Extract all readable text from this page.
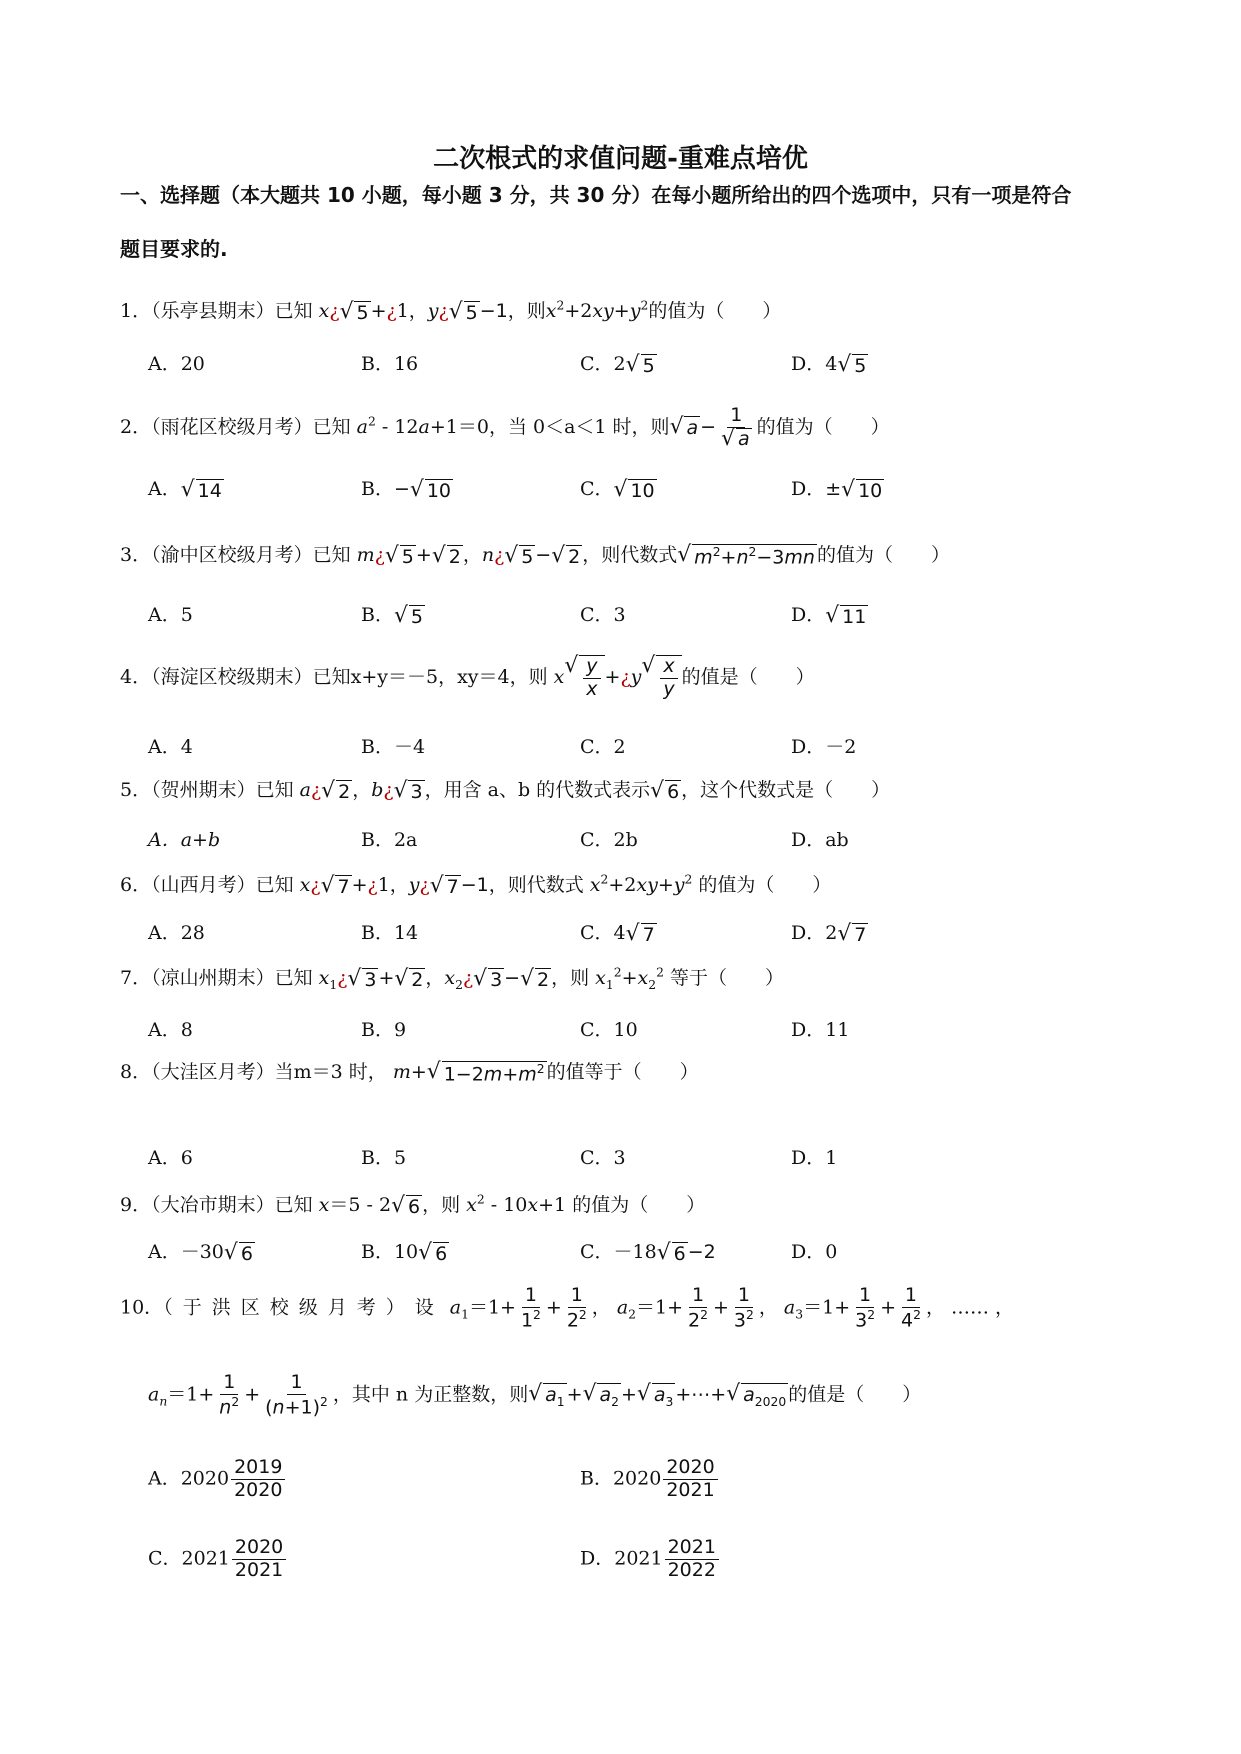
二次根式的求值问题-重难点培优
一、选择题（本大题共 10 小题，每小题 3 分，共 30 分）在每小题所给出的四个选项中，只有一项是符合
题目要求的.
1．（乐亭县期末）已知 x¿ √ 5 +¿1，y¿ √ 5 −1，则$x^2+2xy+y^2$的值为（　　）
A．20	B．16	C．2 √ 5	D．4 √ 5
2．（雨花区校级月考）已知 $a^2 - 12a+1=0$，当 0＜a＜1 时，则 √ $a - \frac{1}{√ a}$ 的值为（　　）
A． √ 14	B．− √ 10	C． √ 10	D．± √ 10
3．（渝中区校级月考）已知 m¿ √ 5 + √ 2 ，n¿ √ 5 − √ 2 ，则代数式 √ $m^2+n^2-3mn$ 的值为（　　）
A．5	B． √ 5	C．3	D． √ 11
4．（海淀区校级期末）已知x+y＝－5，xy＝4，则 x √ $\frac{y}{x}$ +¿y √ $\frac{x}{y}$ 的值是（　　）
A．4	B．－4	C．2	D．－2
5．（贺州期末）已知 a¿ √ 2 ，b¿ √ 3 ，用含 a、b 的代数式表示 √ 6 ，这个代数式是（　　）
A．a+b	B．2a	C．2b	D．ab
6．（山西月考）已知 x¿ √ 7 +¿1，y¿ √ 7 −1，则代数式 $x^2+2xy+y^2$ 的值为（　　）
A．28	B．14	C．4 √ 7	D．2 √ 7
7．（凉山州期末）已知 $x_1¿$ √ 3 + √ 2 ，$x_2¿$ √ 3 − √ 2 ，则 $x_1^2+x_2^2$ 等于（　　）
A．8	B．9	C．10	D．11
8．（大洼区月考）当m＝3 时， m+ √ $1-2m+m^2$ 的值等于（　　）
A．6	B．5	C．3	D．1
9．（大冶市期末）已知 x＝5 - 2 √ 6 ，则 $x^2 - 10x+1$ 的值为（　　）
A．－30 √ 6	B．10 √ 6	C．－18 √ 6 −2	D．0
10．（于洪区校级月考）设 $a_1=1+ \frac{1}{1^2} + \frac{1}{2^2}$ ， $a_2=1+ \frac{1}{2^2} + \frac{1}{3^2}$ ， $a_3=1+ \frac{1}{3^2} + \frac{1}{4^2}$ ， …… ，
$a_n=1+ \frac{1}{n^2} + \frac{1}{(n+1)^2}$ ，其中 n 为正整数，则 √ $a_1$ + √ $a_2$ + √ $a_3$ +⋯+ √ $a_{2020}$ 的值是（　　）
A．$2020 \frac{2019}{2020}$	B．$2020 \frac{2020}{2021}$
C．$2021 \frac{2020}{2021}$	D．$2021 \frac{2021}{2022}$
